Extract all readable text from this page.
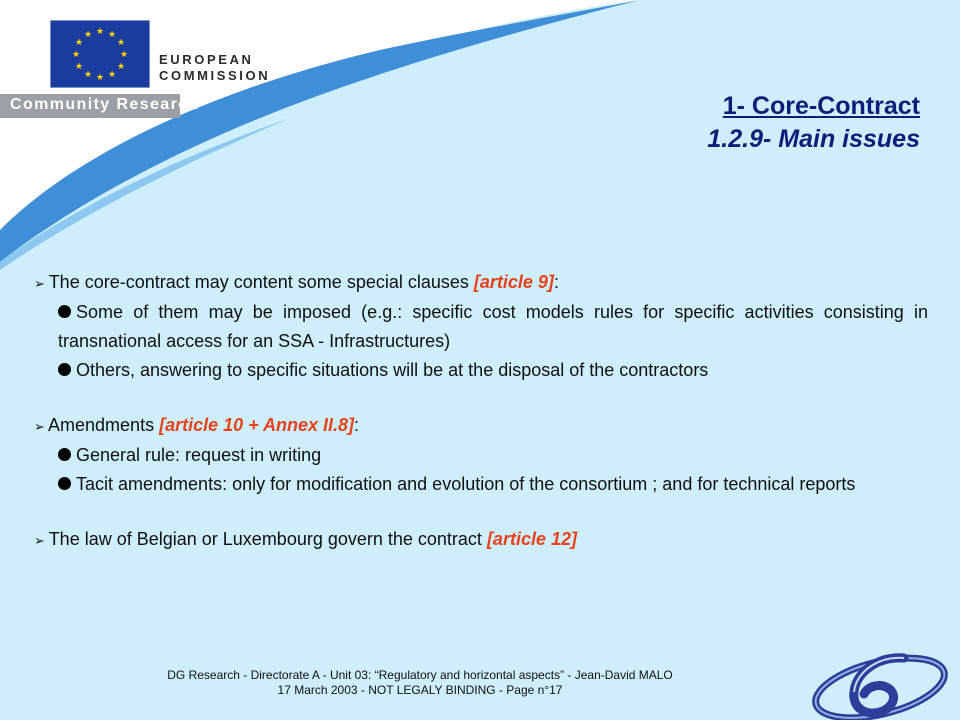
★ ★
★
★
★
★
★
★
★
★
★
★
EUROPEAN
COMMISSION
Community Research	1- Core-Contract
1.2.9- Main issues
➢ The core-contract may content some special clauses [article 9]:
Some of them may be imposed (e.g.: specific cost models rules for specific activities consisting in transnational access for an SSA - Infrastructures)
Others, answering to specific situations will be at the disposal of the contractors
➢ Amendments [article 10 + Annex II.8]:
General rule: request in writing
Tacit amendments: only for modification and evolution of the consortium ; and for technical reports
➢ The law of Belgian or Luxembourg govern the contract [article 12]
DG Research - Directorate A - Unit 03: “Regulatory and horizontal aspects” - Jean-David MALO
17 March 2003 - NOT LEGALY BINDING - Page n°17
